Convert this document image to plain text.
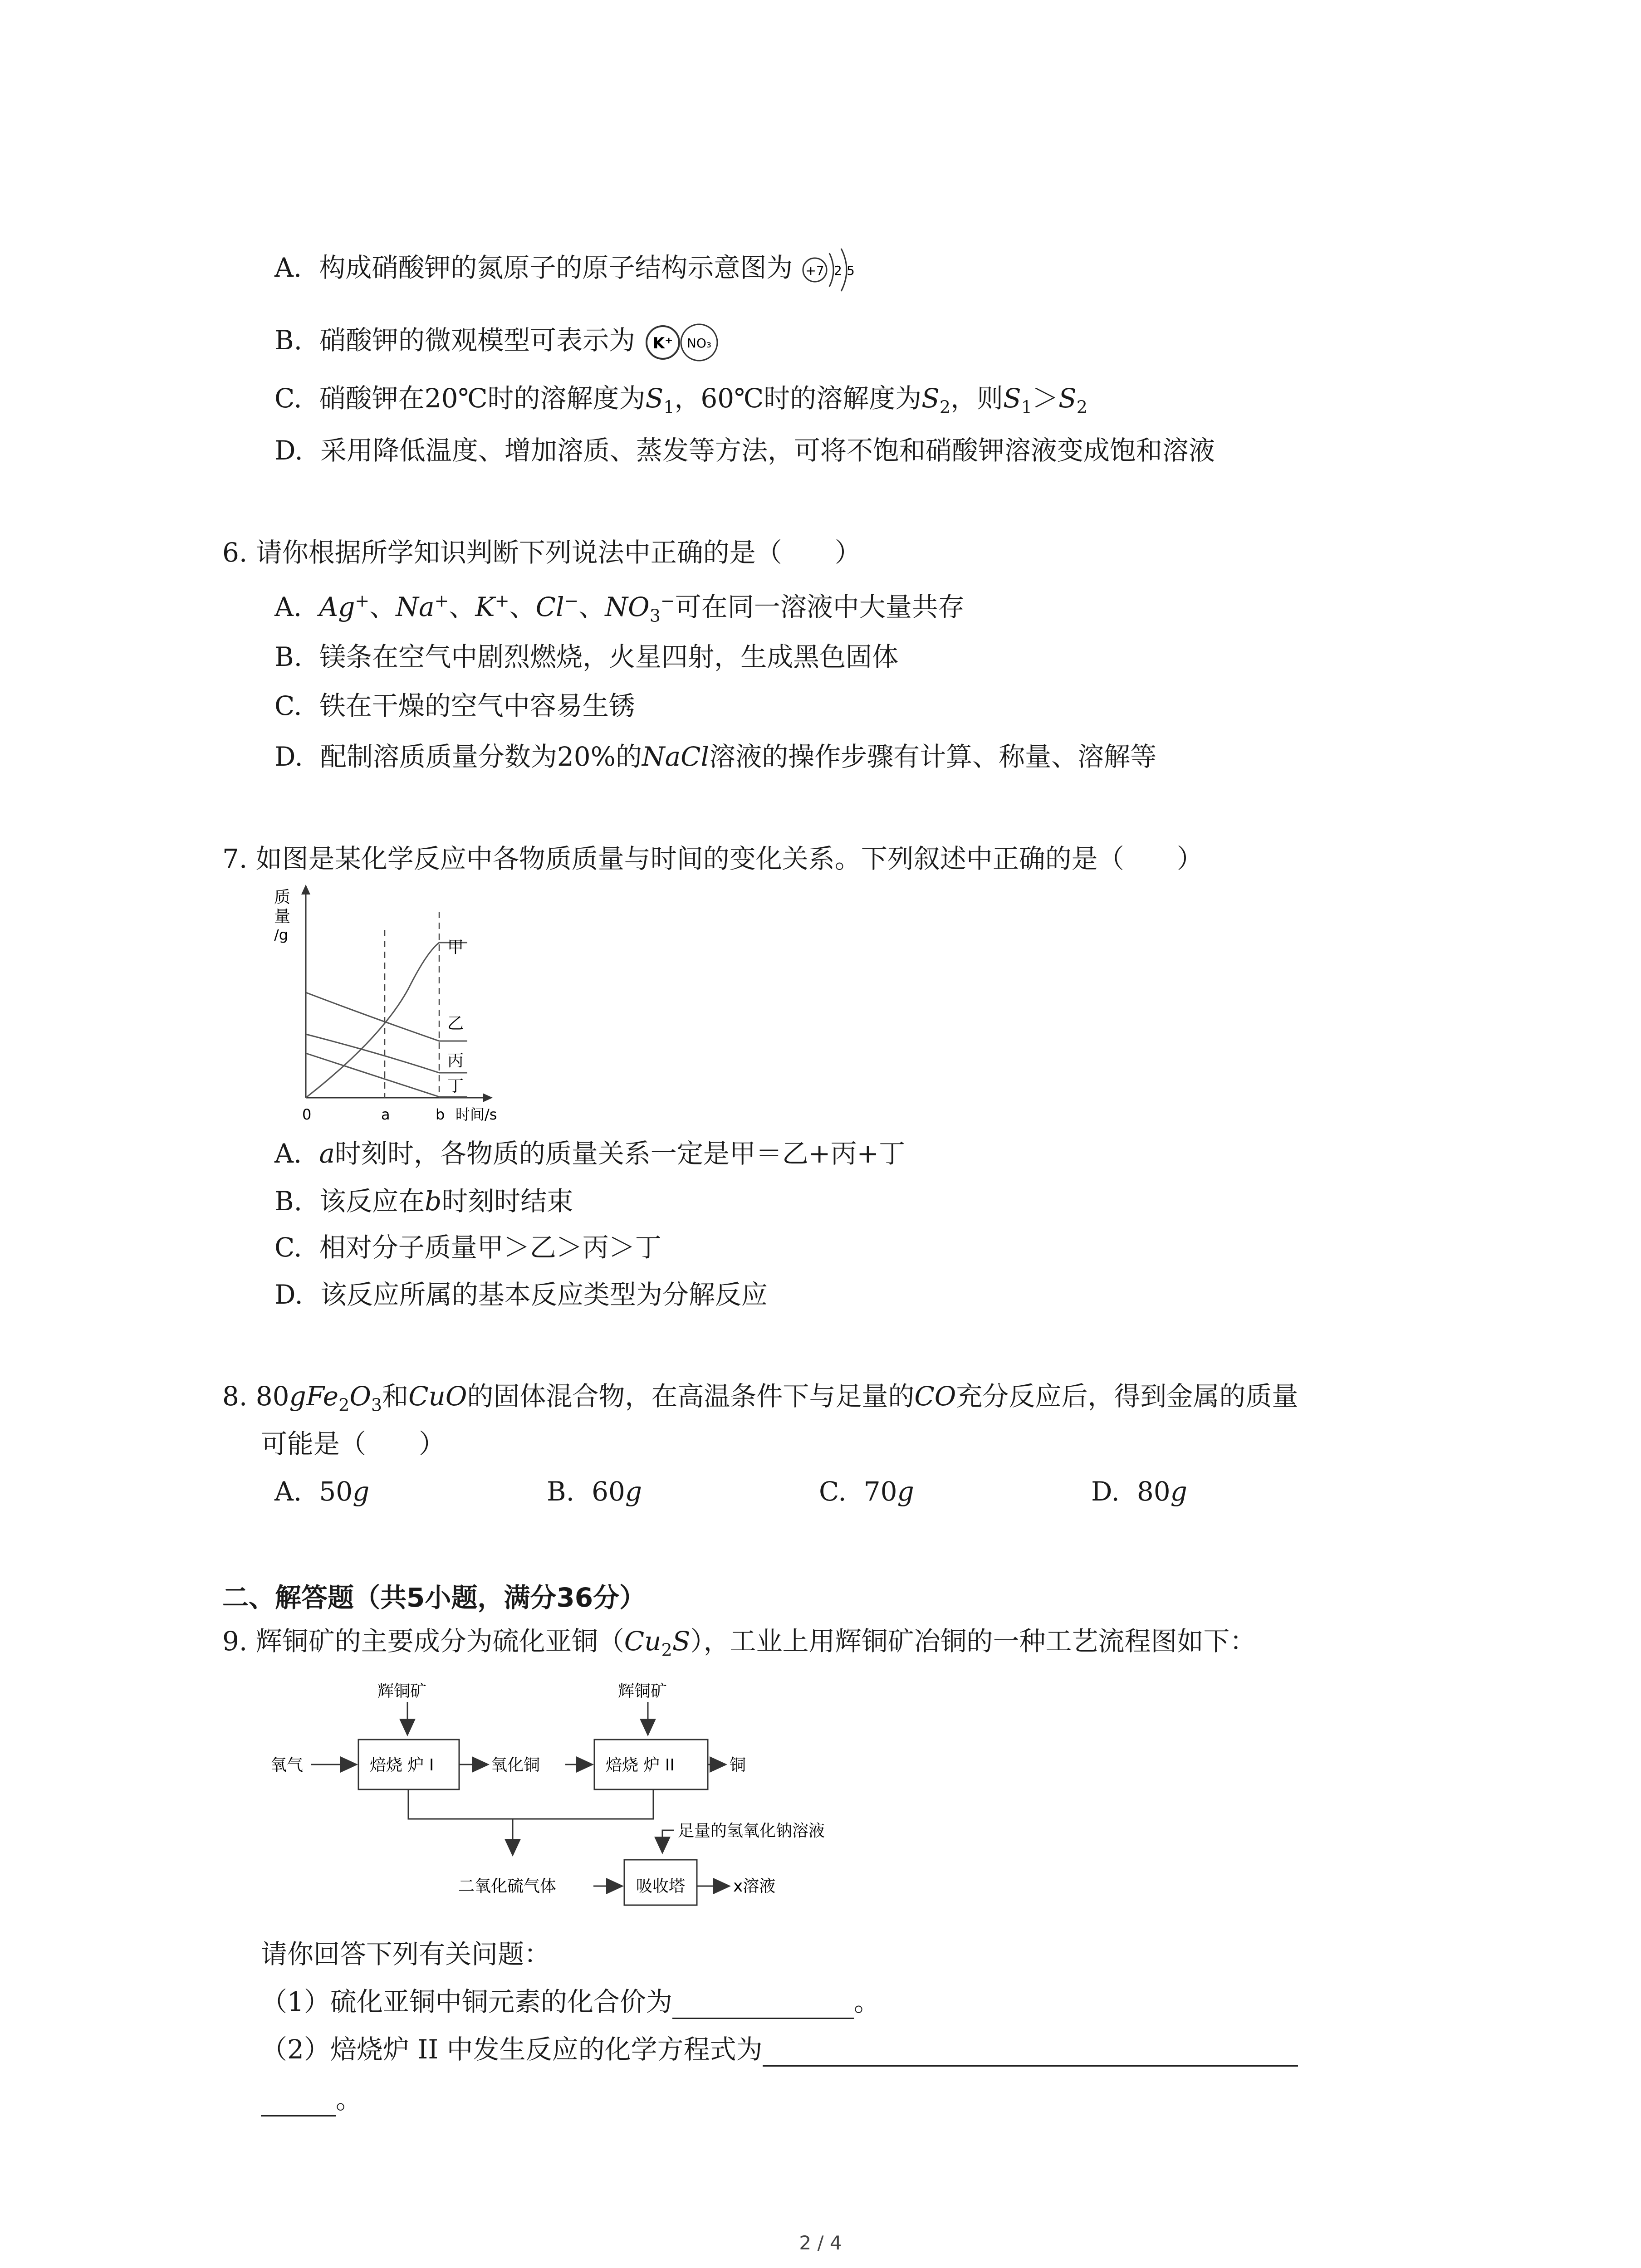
A. 构成硝酸钾的氮原子的原子结构示意图为 +7 2 5
B. 硝酸钾的微观模型可表示为 K⁺ NO₃
C. 硝酸钾在20℃时的溶解度为$S_1$，60℃时的溶解度为$S_2$，则$S_1>S_2$
D. 采用降低温度、增加溶质、蒸发等方法，可将不饱和硝酸钾溶液变成饱和溶液
6. 请你根据所学知识判断下列说法中正确的是（　　）
A. Ag+、Na+、K+、Cl−、$NO_3^-$可在同一溶液中大量共存
B. 镁条在空气中剧烈燃烧，火星四射，生成黑色固体
C. 铁在干燥的空气中容易生锈
D. 配制溶质质量分数为20%的NaCl溶液的操作步骤有计算、称量、溶解等
7. 如图是某化学反应中各物质质量与时间的变化关系。下列叙述中正确的是（　　）
质
量
/g
甲
乙
丙
丁
0	a	b 时间/s
A. a时刻时，各物质的质量关系一定是甲＝乙+丙+丁
B. 该反应在b时刻时结束
C. 相对分子质量甲＞乙＞丙＞丁
D. 该反应所属的基本反应类型为分解反应
8. $80gFe_2O_3$和CuO的固体混合物，在高温条件下与足量的CO充分反应后，得到金属的质量
可能是（　　）
A. 50g	B. 60g	C. 70g	D. 80g
二、解答题（共5小题，满分36分）
9. 辉铜矿的主要成分为硫化亚铜$(Cu_2S)$，工业上用辉铜矿冶铜的一种工艺流程图如下：
辉铜矿	辉铜矿
氧气	焙烧 炉 I	氧化铜	焙烧 炉 II	铜
足量的氢氧化钠溶液
二氧化硫气体	吸收塔	x溶液
请你回答下列有关问题：
（1）硫化亚铜中铜元素的化合价为	。
（2）焙烧炉 II 中发生反应的化学方程式为
。
2 / 4
